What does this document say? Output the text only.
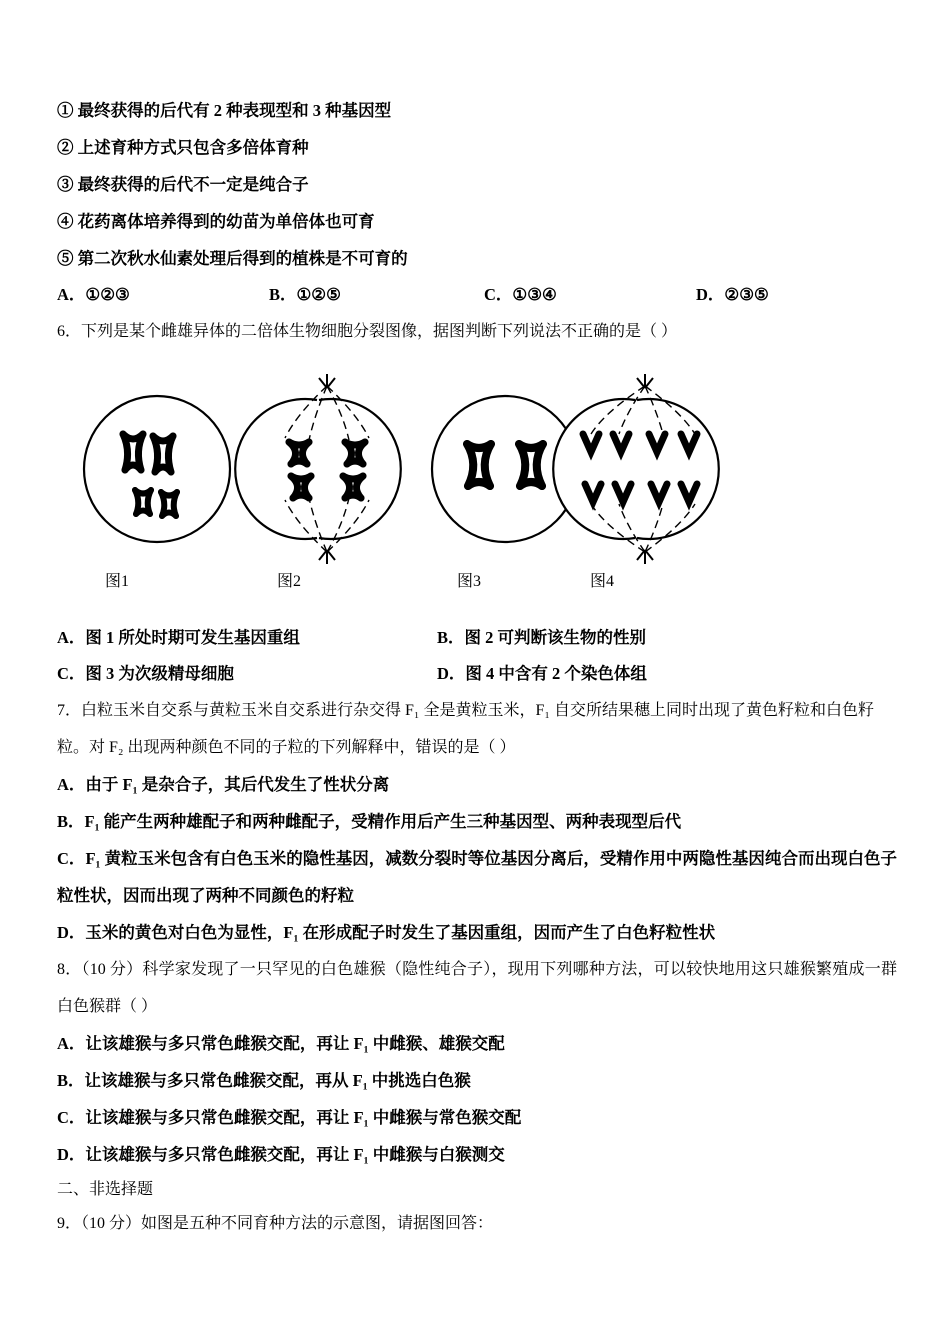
① 最终获得的后代有 2 种表现型和 3 种基因型
② 上述育种方式只包含多倍体育种
③ 最终获得的后代不一定是纯合子
④ 花药离体培养得到的幼苗为单倍体也可育
⑤ 第二次秋水仙素处理后得到的植株是不可育的
A．①②③	B．①②⑤	C．①③④	D．②③⑤
6．下列是某个雌雄异体的二倍体生物细胞分裂图像，据图判断下列说法不正确的是（ ）
图1	图2	图3	图4
A．图 1 所处时期可发生基因重组	B．图 2 可判断该生物的性别
C．图 3 为次级精母细胞	D．图 4 中含有 2 个染色体组
7．白粒玉米自交系与黄粒玉米自交系进行杂交得 F₁ 全是黄粒玉米，F₁ 自交所结果穗上同时出现了黄色籽粒和白色籽
粒。对 F₂ 出现两种颜色不同的子粒的下列解释中，错误的是（ ）
A．由于 F₁ 是杂合子，其后代发生了性状分离
B．F₁ 能产生两种雄配子和两种雌配子，受精作用后产生三种基因型、两种表现型后代
C．F₁ 黄粒玉米包含有白色玉米的隐性基因，减数分裂时等位基因分离后，受精作用中两隐性基因纯合而出现白色子粒性状，因而出现了两种不同颜色的籽粒
D．玉米的黄色对白色为显性，F₁ 在形成配子时发生了基因重组，因而产生了白色籽粒性状
8．（10 分）科学家发现了一只罕见的白色雄猴（隐性纯合子），现用下列哪种方法，可以较快地用这只雄猴繁殖成一群白色猴群（ ）
A．让该雄猴与多只常色雌猴交配，再让 F₁ 中雌猴、雄猴交配
B．让该雄猴与多只常色雌猴交配，再从 F₁ 中挑选白色猴
C．让该雄猴与多只常色雌猴交配，再让 F₁ 中雌猴与常色猴交配
D．让该雄猴与多只常色雌猴交配，再让 F₁ 中雌猴与白猴测交
二、非选择题
9．（10 分）如图是五种不同育种方法的示意图，请据图回答：
